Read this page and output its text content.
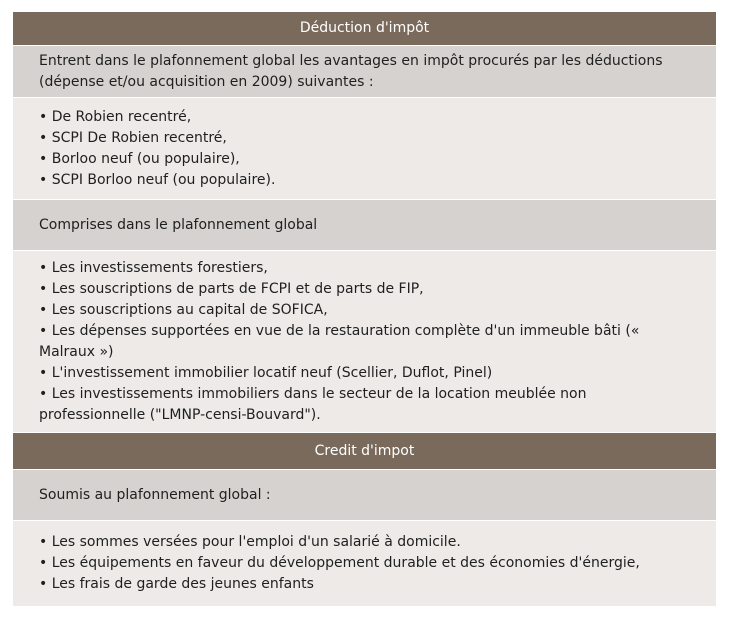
Déduction d'impôt
Entrent dans le plafonnement global les avantages en impôt procurés par les déductions (dépense et/ou acquisition en 2009) suivantes :
• De Robien recentré,
• SCPI De Robien recentré,
• Borloo neuf (ou populaire),
• SCPI Borloo neuf (ou populaire).
Comprises dans le plafonnement global
• Les investissements forestiers,
• Les souscriptions de parts de FCPI et de parts de FIP,
• Les souscriptions au capital de SOFICA,
• Les dépenses supportées en vue de la restauration complète d'un immeuble bâti (« Malraux »)
• L'investissement immobilier locatif neuf (Scellier, Duflot, Pinel)
• Les investissements immobiliers dans le secteur de la location meublée non professionnelle ("LMNP-censi-Bouvard").
Credit d'impot
Soumis au plafonnement global :
• Les sommes versées pour l'emploi d'un salarié à domicile.
• Les équipements en faveur du développement durable et des économies d'énergie,
• Les frais de garde des jeunes enfants
